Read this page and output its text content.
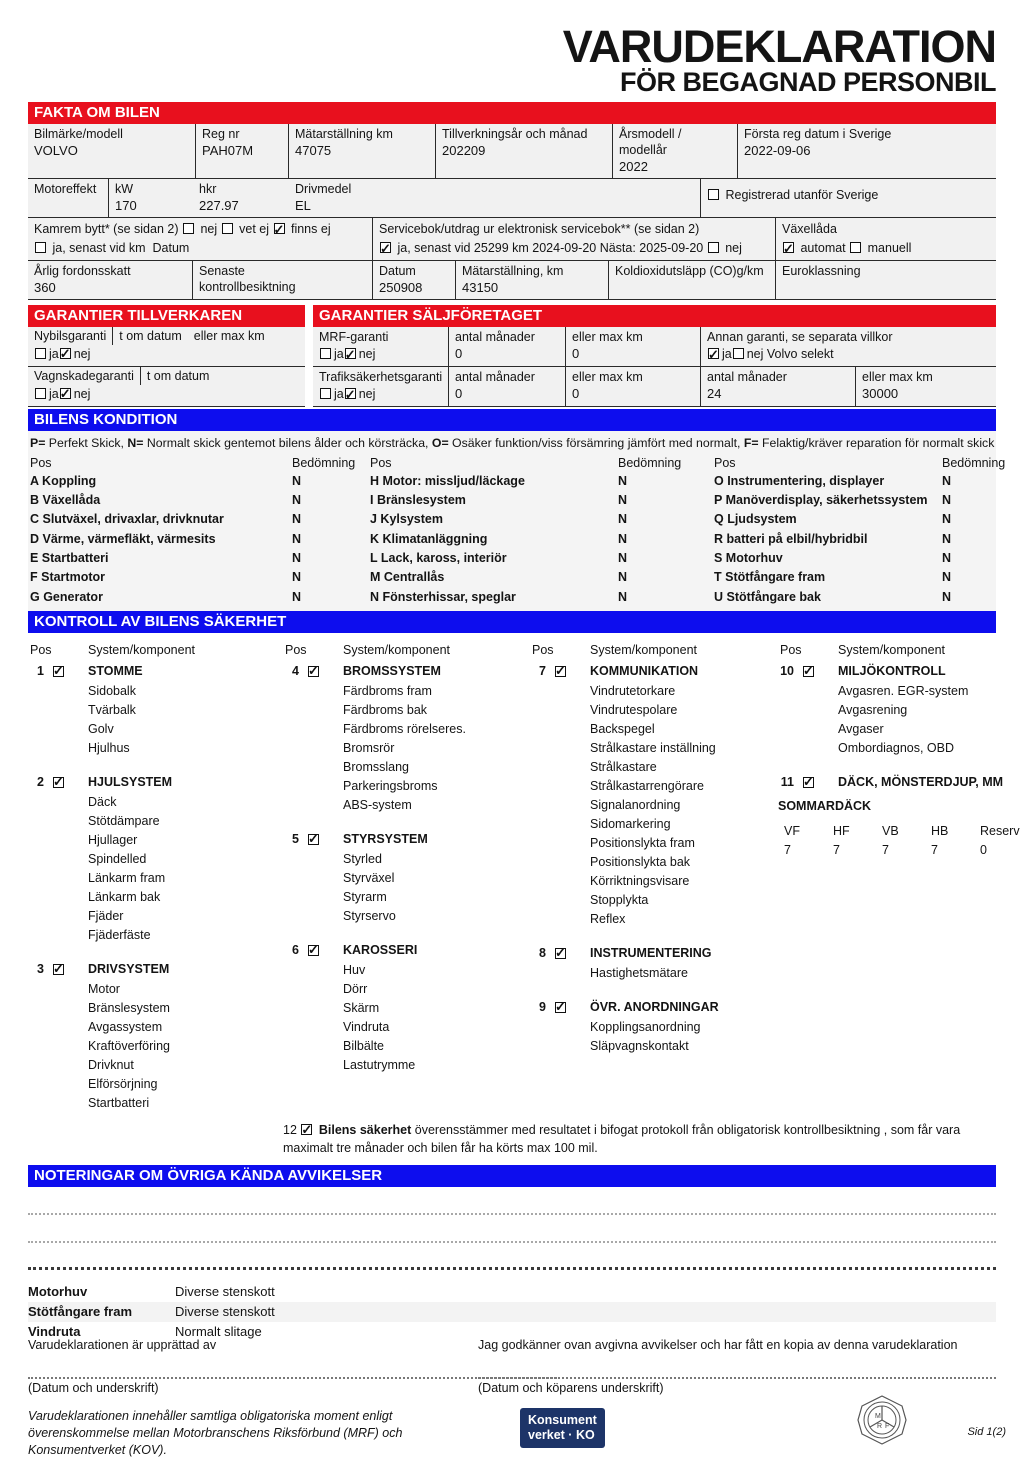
VARUDEKLARATION
FÖR BEGAGNAD PERSONBIL
FAKTA OM BILEN
Bilmärke/modell
VOLVO
Reg nr
PAH07M
Mätarställning km
47075
Tillverkningsår och månad
202209
Årsmodell / modellår
2022
Första reg datum i Sverige
2022-09-06
Motoreffekt	kW
170
hkr
227.97
Drivmedel
EL
Registrerad utanför Sverige
Kamrem bytt* (se sidan 2) nej vet ej ✓ finns ej
ja, senast vid km Datum
Servicebok/utdrag ur elektronisk servicebok** (se sidan 2)
✓ ja, senast vid 25299 km 2024-09-20 Nästa: 2025-09-20 nej
Växellåda
✓ automat manuell
Årlig fordonsskatt
360
Senaste
kontrollbesiktning
Datum
250908
Mätarställning, km
43150
Koldioxidutsläpp (CO)g/km	Euroklassning
GARANTIER TILLVERKAREN
Nybilsgaranti	t om datum eller max km
ja ✓ nej
Vagnskadegaranti	t om datum
ja ✓ nej
GARANTIER SÄLJFÖRETAGET
MRF-garanti
ja ✓ nej
antal månader
0
eller max km
0
Annan garanti, se separata villkor
✓ja nej Volvo selekt
Trafiksäkerhetsgaranti
ja ✓ nej
antal månader
0
eller max km
0
antal månader
24
eller max km
30000
BILENS KONDITION
P= Perfekt Skick, N= Normalt skick gentemot bilens ålder och körsträcka, O= Osäker funktion/viss försämring jämfört med normalt, F= Felaktig/kräver reparation för normalt skick
Pos	Bedömning	Pos	Bedömning	Pos	Bedömning
A Koppling	N	H Motor: missljud/läckage	N	O Instrumentering, displayer	N
B Växellåda	N	I Bränslesystem	N	P Manöverdisplay, säkerhetssystem	N
C Slutväxel, drivaxlar, drivknutar	N	J Kylsystem	N	Q Ljudsystem	N
D Värme, värmefläkt, värmesits	N	K Klimatanläggning	N	R batteri på elbil/hybridbil	N
E Startbatteri	N	L Lack, kaross, interiör	N	S Motorhuv	N
F Startmotor	N	M Centrallås	N	T Stötfångare fram	N
G Generator	N	N Fönsterhissar, speglar	N	U Stötfångare bak	N
KONTROLL AV BILENS SÄKERHET
Pos	System/komponent
1 ✓	STOMME
Sidobalk
Tvärbalk
Golv
Hjulhus
2 ✓	HJULSYSTEM
Däck
Stötdämpare
Hjullager
Spindelled
Länkarm fram
Länkarm bak
Fjäder
Fjäderfäste
3 ✓	DRIVSYSTEM
Motor
Bränslesystem
Avgassystem
Kraftöverföring
Drivknut
Elförsörjning
Startbatteri
Pos	System/komponent
4 ✓	BROMSSYSTEM
Färdbroms fram
Färdbroms bak
Färdbroms rörelseres.
Bromsrör
Bromsslang
Parkeringsbroms
ABS-system
5 ✓	STYRSYSTEM
Styrled
Styrväxel
Styrarm
Styrservo
6 ✓	KAROSSERI
Huv
Dörr
Skärm
Vindruta
Bilbälte
Lastutrymme
Pos	System/komponent
7 ✓	KOMMUNIKATION
Vindrutetorkare
Vindrutespolare
Backspegel
Strålkastare inställning
Strålkastare
Strålkastarrengörare
Signalanordning
Sidomarkering
Positionslykta fram
Positionslykta bak
Körriktningsvisare
Stopplykta
Reflex
8 ✓	INSTRUMENTERING
Hastighetsmätare
9 ✓	ÖVR. ANORDNINGAR
Kopplingsanordning
Släpvagnskontakt
Pos	System/komponent
10 ✓	MILJÖKONTROLL
Avgasren. EGR-system
Avgasrening
Avgaser
Ombordiagnos, OBD
11 ✓	DÄCK, MÖNSTERDJUP, MM
SOMMARDÄCK
VF	HF	VB	HB	Reserv
7	7	7	7	0
12 ✓ Bilens säkerhet överensstämmer med resultatet i bifogat protokoll från obligatorisk kontrollbesiktning , som får vara maximalt tre månader och bilen får ha körts max 100 mil.
NOTERINGAR OM ÖVRIGA KÄNDA AVVIKELSER
Motorhuv	Diverse stenskott
Stötfångare fram	Diverse stenskott
Vindruta	Normalt slitage
Varudeklarationen är upprättad av	Jag godkänner ovan avgivna avvikelser och har fått en kopia av denna varudeklaration
(Datum och underskrift)	(Datum och köparens underskrift)
Varudeklarationen innehåller samtliga obligatoriska moment enligt överenskommelse mellan Motorbranschens Riksförbund (MRF) och Konsumentverket (KOV).
Konsument
verket · KO
M
R F	Sid 1(2)
